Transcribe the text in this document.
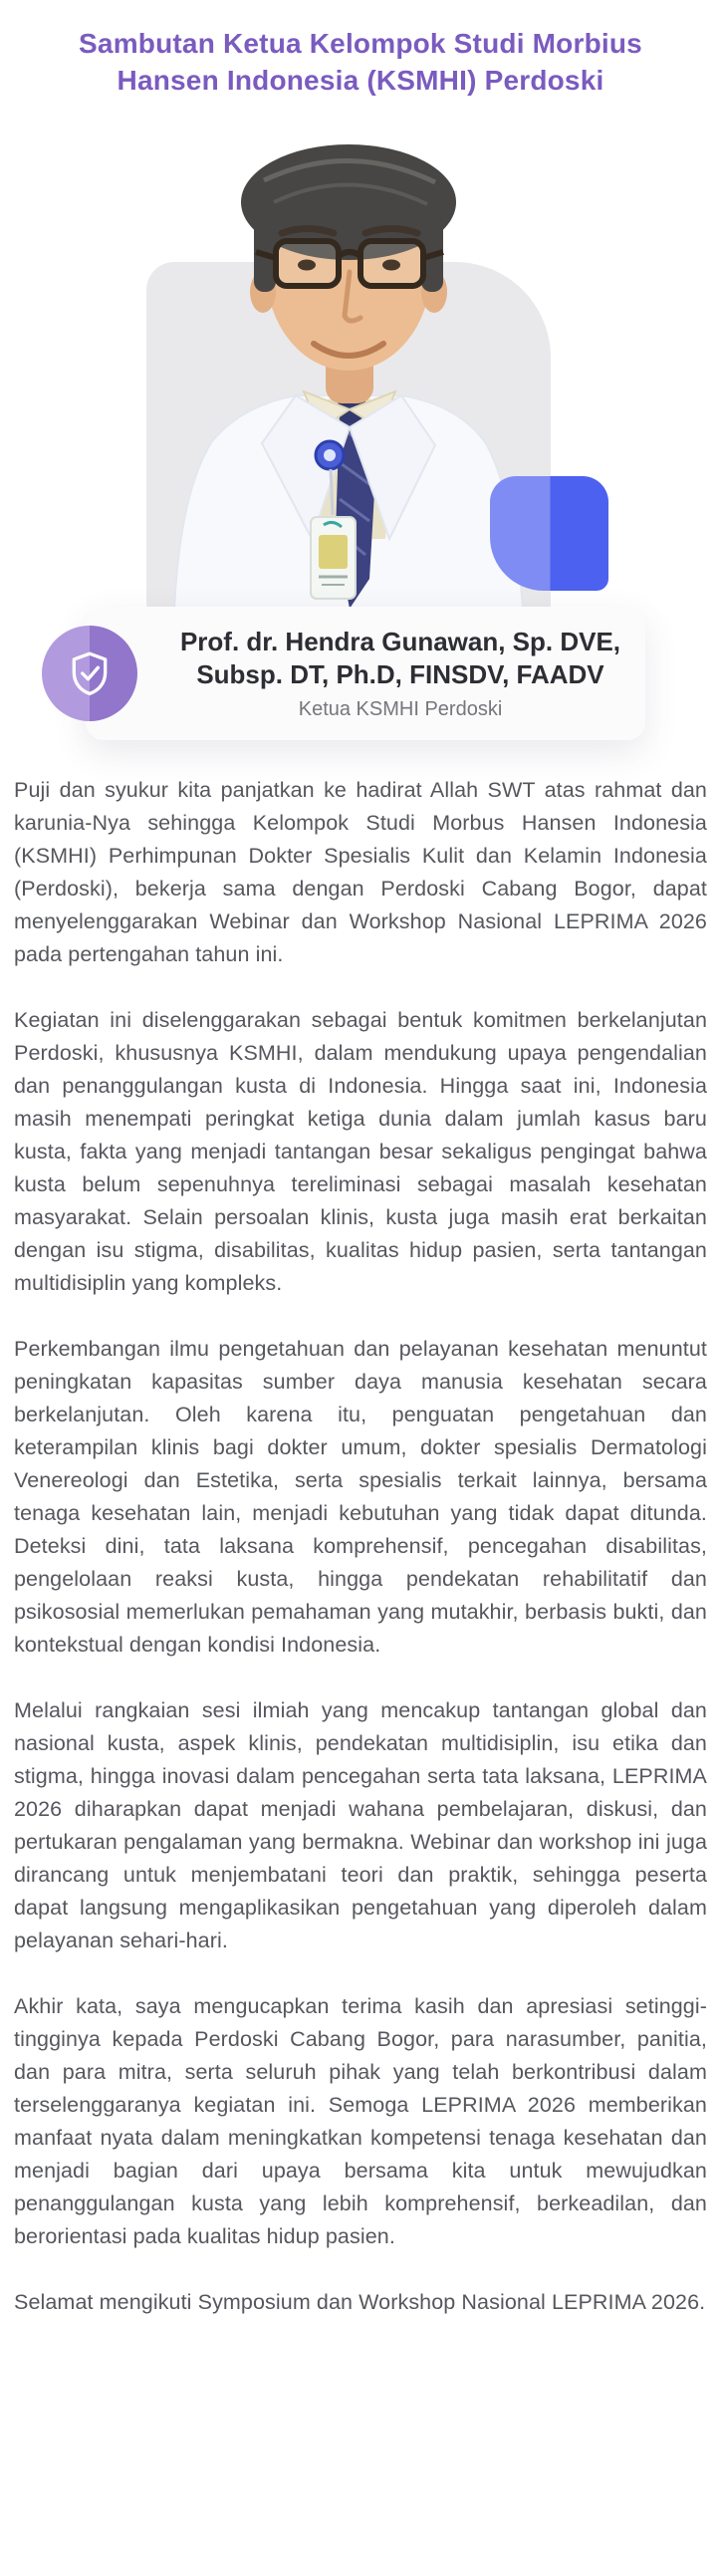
Sambutan Ketua Kelompok Studi Morbius Hansen Indonesia (KSMHI) Perdoski
Prof. dr. Hendra Gunawan, Sp. DVE,
Subsp. DT, Ph.D, FINSDV, FAADV
Ketua KSMHI Perdoski

Puji dan syukur kita panjatkan ke hadirat Allah SWT atas rahmat dan karunia-Nya sehingga Kelompok Studi Morbus Hansen Indonesia (KSMHI) Perhimpunan Dokter Spesialis Kulit dan Kelamin Indonesia (Perdoski), bekerja sama dengan Perdoski Cabang Bogor, dapat menyelenggarakan Webinar dan Workshop Nasional LEPRIMA 2026 pada pertengahan tahun ini.

Kegiatan ini diselenggarakan sebagai bentuk komitmen berkelanjutan Perdoski, khususnya KSMHI, dalam mendukung upaya pengendalian dan penanggulangan kusta di Indonesia. Hingga saat ini, Indonesia masih menempati peringkat ketiga dunia dalam jumlah kasus baru kusta, fakta yang menjadi tantangan besar sekaligus pengingat bahwa kusta belum sepenuhnya tereliminasi sebagai masalah kesehatan masyarakat. Selain persoalan klinis, kusta juga masih erat berkaitan dengan isu stigma, disabilitas, kualitas hidup pasien, serta tantangan multidisiplin yang kompleks.

Perkembangan ilmu pengetahuan dan pelayanan kesehatan menuntut peningkatan kapasitas sumber daya manusia kesehatan secara berkelanjutan. Oleh karena itu, penguatan pengetahuan dan keterampilan klinis bagi dokter umum, dokter spesialis Dermatologi Venereologi dan Estetika, serta spesialis terkait lainnya, bersama tenaga kesehatan lain, menjadi kebutuhan yang tidak dapat ditunda. Deteksi dini, tata laksana komprehensif, pencegahan disabilitas, pengelolaan reaksi kusta, hingga pendekatan rehabilitatif dan psikososial memerlukan pemahaman yang mutakhir, berbasis bukti, dan kontekstual dengan kondisi Indonesia.

Melalui rangkaian sesi ilmiah yang mencakup tantangan global dan nasional kusta, aspek klinis, pendekatan multidisiplin, isu etika dan stigma, hingga inovasi dalam pencegahan serta tata laksana, LEPRIMA 2026 diharapkan dapat menjadi wahana pembelajaran, diskusi, dan pertukaran pengalaman yang bermakna. Webinar dan workshop ini juga dirancang untuk menjembatani teori dan praktik, sehingga peserta dapat langsung mengaplikasikan pengetahuan yang diperoleh dalam pelayanan sehari-hari.

Akhir kata, saya mengucapkan terima kasih dan apresiasi setinggi-tingginya kepada Perdoski Cabang Bogor, para narasumber, panitia, dan para mitra, serta seluruh pihak yang telah berkontribusi dalam terselenggaranya kegiatan ini. Semoga LEPRIMA 2026 memberikan manfaat nyata dalam meningkatkan kompetensi tenaga kesehatan dan menjadi bagian dari upaya bersama kita untuk mewujudkan penanggulangan kusta yang lebih komprehensif, berkeadilan, dan berorientasi pada kualitas hidup pasien.

Selamat mengikuti Symposium dan Workshop Nasional LEPRIMA 2026.
